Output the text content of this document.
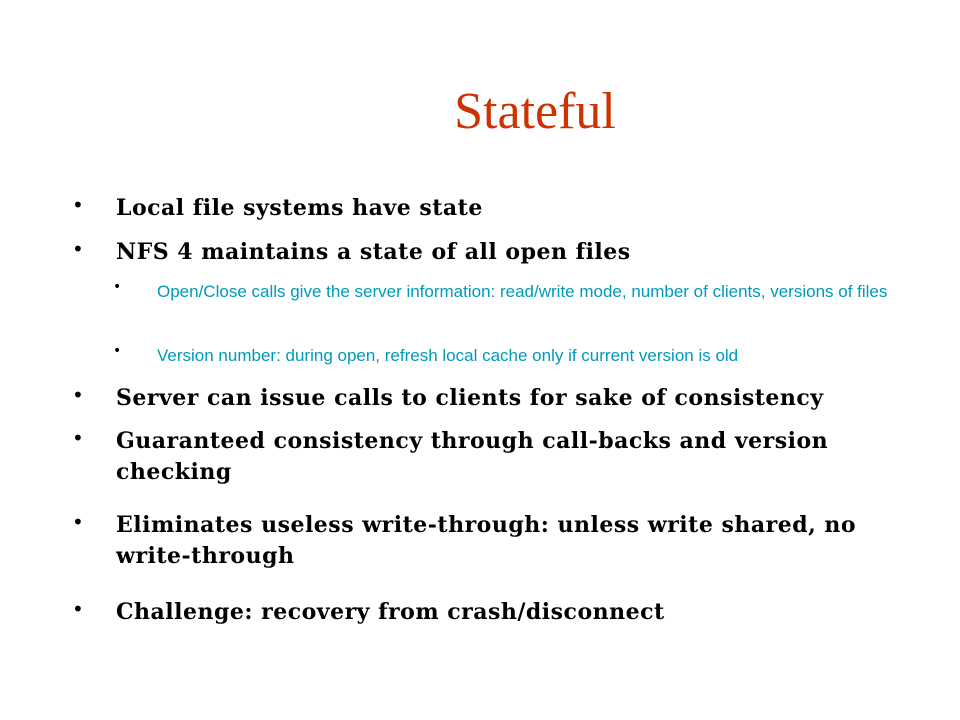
Stateful
• Local file systems have state
• NFS 4 maintains a state of all open files
• Open/Close calls give the server information: read/write mode, number of clients, versions of files
• Version number: during open, refresh local cache only if current version is old
• Server can issue calls to clients for sake of consistency
• Guaranteed consistency through call-backs and version checking
• Eliminates useless write-through: unless write shared, no write-through
• Challenge: recovery from crash/disconnect
